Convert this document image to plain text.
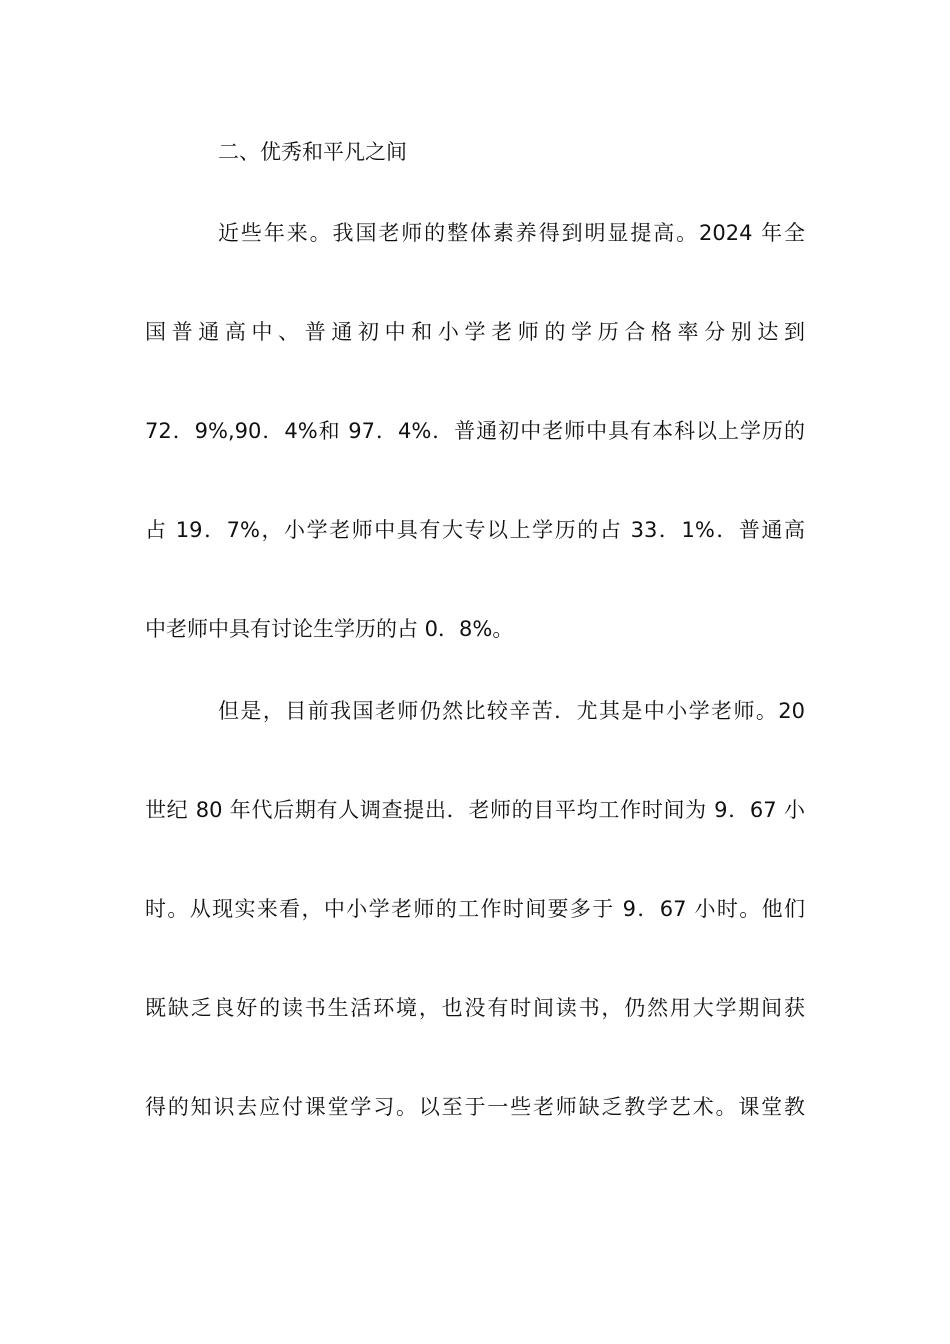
二、优秀和平凡之间
近些年来。我国老师的整体素养得到明显提高。2024 年全
国普通高中、普通初中和小学老师的学历合格率分别达到
72．9%,90．4%和 97．4%．普通初中老师中具有本科以上学历的
占 19．7%，小学老师中具有大专以上学历的占 33．1%．普通高
中老师中具有讨论生学历的占 0．8%。
但是，目前我国老师仍然比较辛苦．尤其是中小学老师。20
世纪 80 年代后期有人调查提出．老师的目平均工作时间为 9．67 小
时。从现实来看，中小学老师的工作时间要多于 9．67 小时。他们
既缺乏良好的读书生活环境，也没有时间读书，仍然用大学期间获
得的知识去应付课堂学习。以至于一些老师缺乏教学艺术。课堂教
